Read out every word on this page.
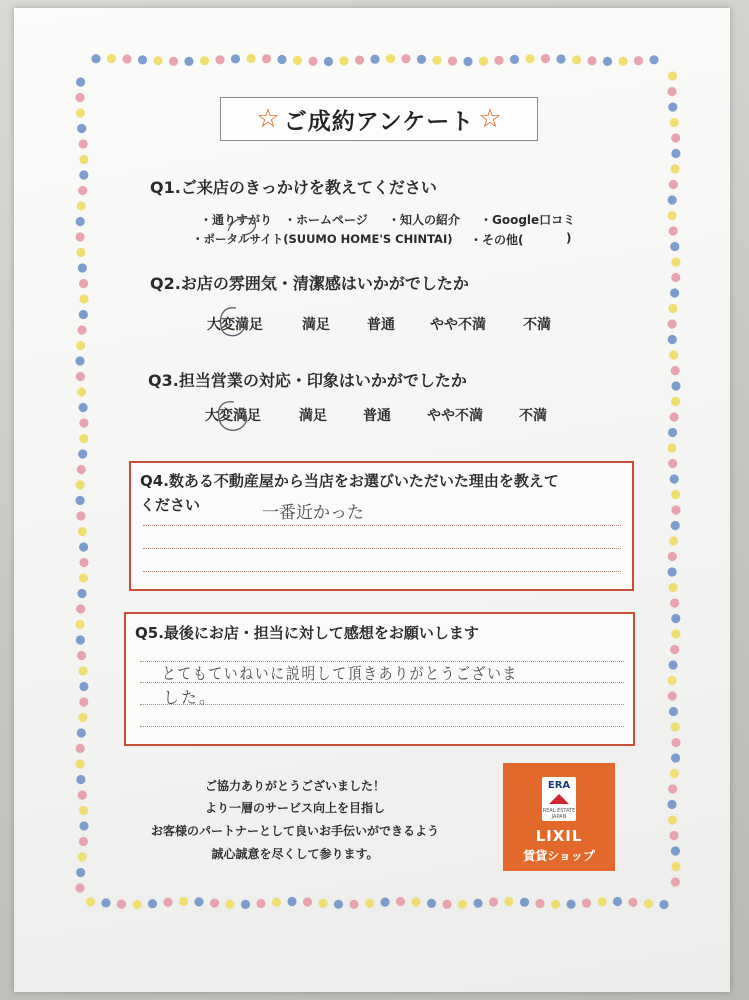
☆ ご成約アンケート ☆
Q1.ご来店のきっかけを教えてください
・通りすがり ・ホームページ ・知人の紹介 ・Google口コミ
・ポータルサイト(SUUMO HOME'S CHINTAI) ・その他(	)
Q2.お店の雰囲気・清潔感はいかがでしたか
大変満足	満足	普通	やや不満	不満
Q3.担当営業の対応・印象はいかがでしたか
大変満足	満足	普通	やや不満	不満
Q4.数ある不動産屋から当店をお選びいただいた理由を教えて
ください	一番近かった
Q5.最後にお店・担当に対して感想をお願いします
とてもていねいに説明して頂きありがとうございま
した。
ご協力ありがとうございました！
より一層のサービス向上を目指し
お客様のパートナーとして良いお手伝いができるよう
誠心誠意を尽くして参ります。
ERA
REAL ESTATE
JAPAN
LIXIL
賃貸ショップ
